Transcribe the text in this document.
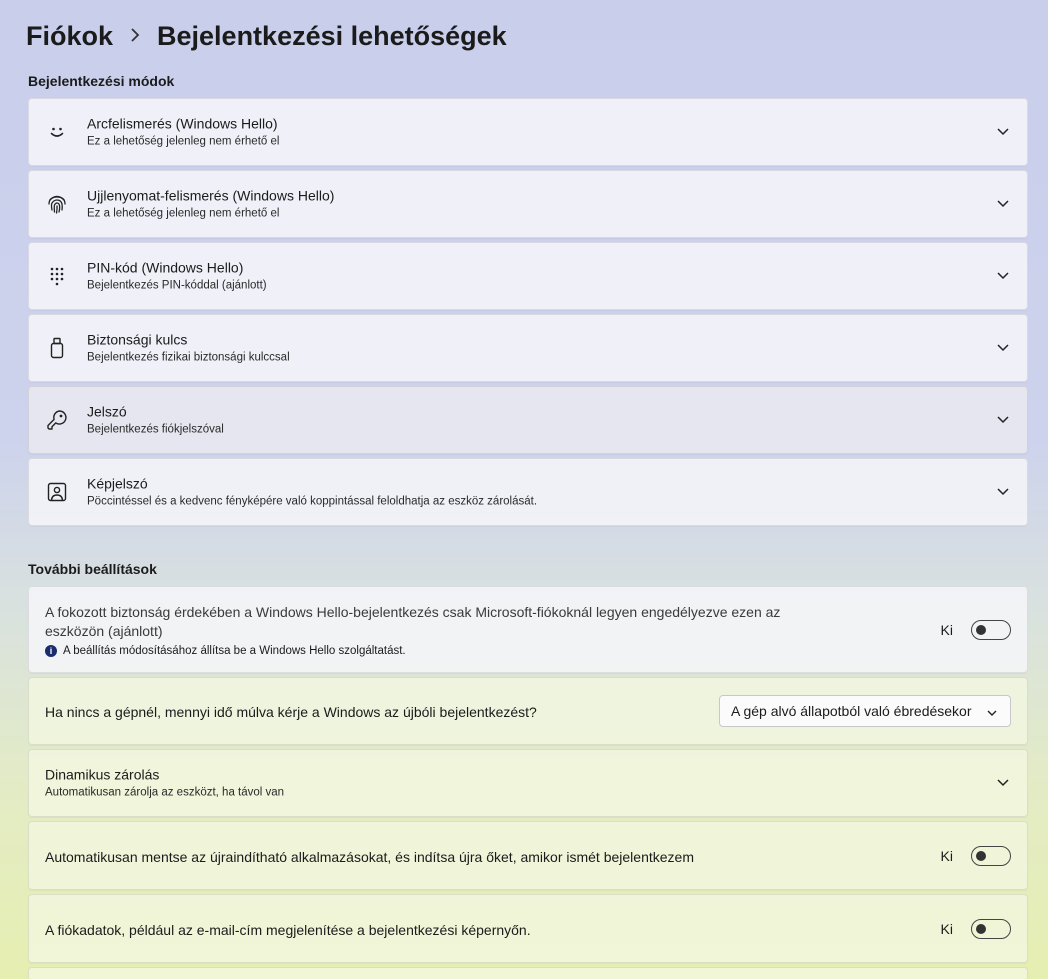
Fiókok Bejelentkezési lehetőségek
Bejelentkezési módok
Arcfelismerés (Windows Hello)
Ez a lehetőség jelenleg nem érhető el
Ujjlenyomat-felismerés (Windows Hello)
Ez a lehetőség jelenleg nem érhető el
PIN-kód (Windows Hello)
Bejelentkezés PIN-kóddal (ajánlott)
Biztonsági kulcs
Bejelentkezés fizikai biztonsági kulccsal
Jelszó
Bejelentkezés fiókjelszóval
Képjelszó
Pöccintéssel és a kedvenc fényképére való koppintással feloldhatja az eszköz zárolását.
További beállítások
A fokozott biztonság érdekében a Windows Hello-bejelentkezés csak Microsoft-fiókoknál legyen engedélyezve ezen az eszközön (ajánlott)
i A beállítás módosításához állítsa be a Windows Hello szolgáltatást.
Ki
Ha nincs a gépnél, mennyi idő múlva kérje a Windows az újbóli bejelentkezést?	A gép alvó állapotból való ébredésekor
Dinamikus zárolás
Automatikusan zárolja az eszközt, ha távol van
Automatikusan mentse az újraindítható alkalmazásokat, és indítsa újra őket, amikor ismét bejelentkezem	Ki
A fiókadatok, például az e-mail-cím megjelenítése a bejelentkezési képernyőn.	Ki
